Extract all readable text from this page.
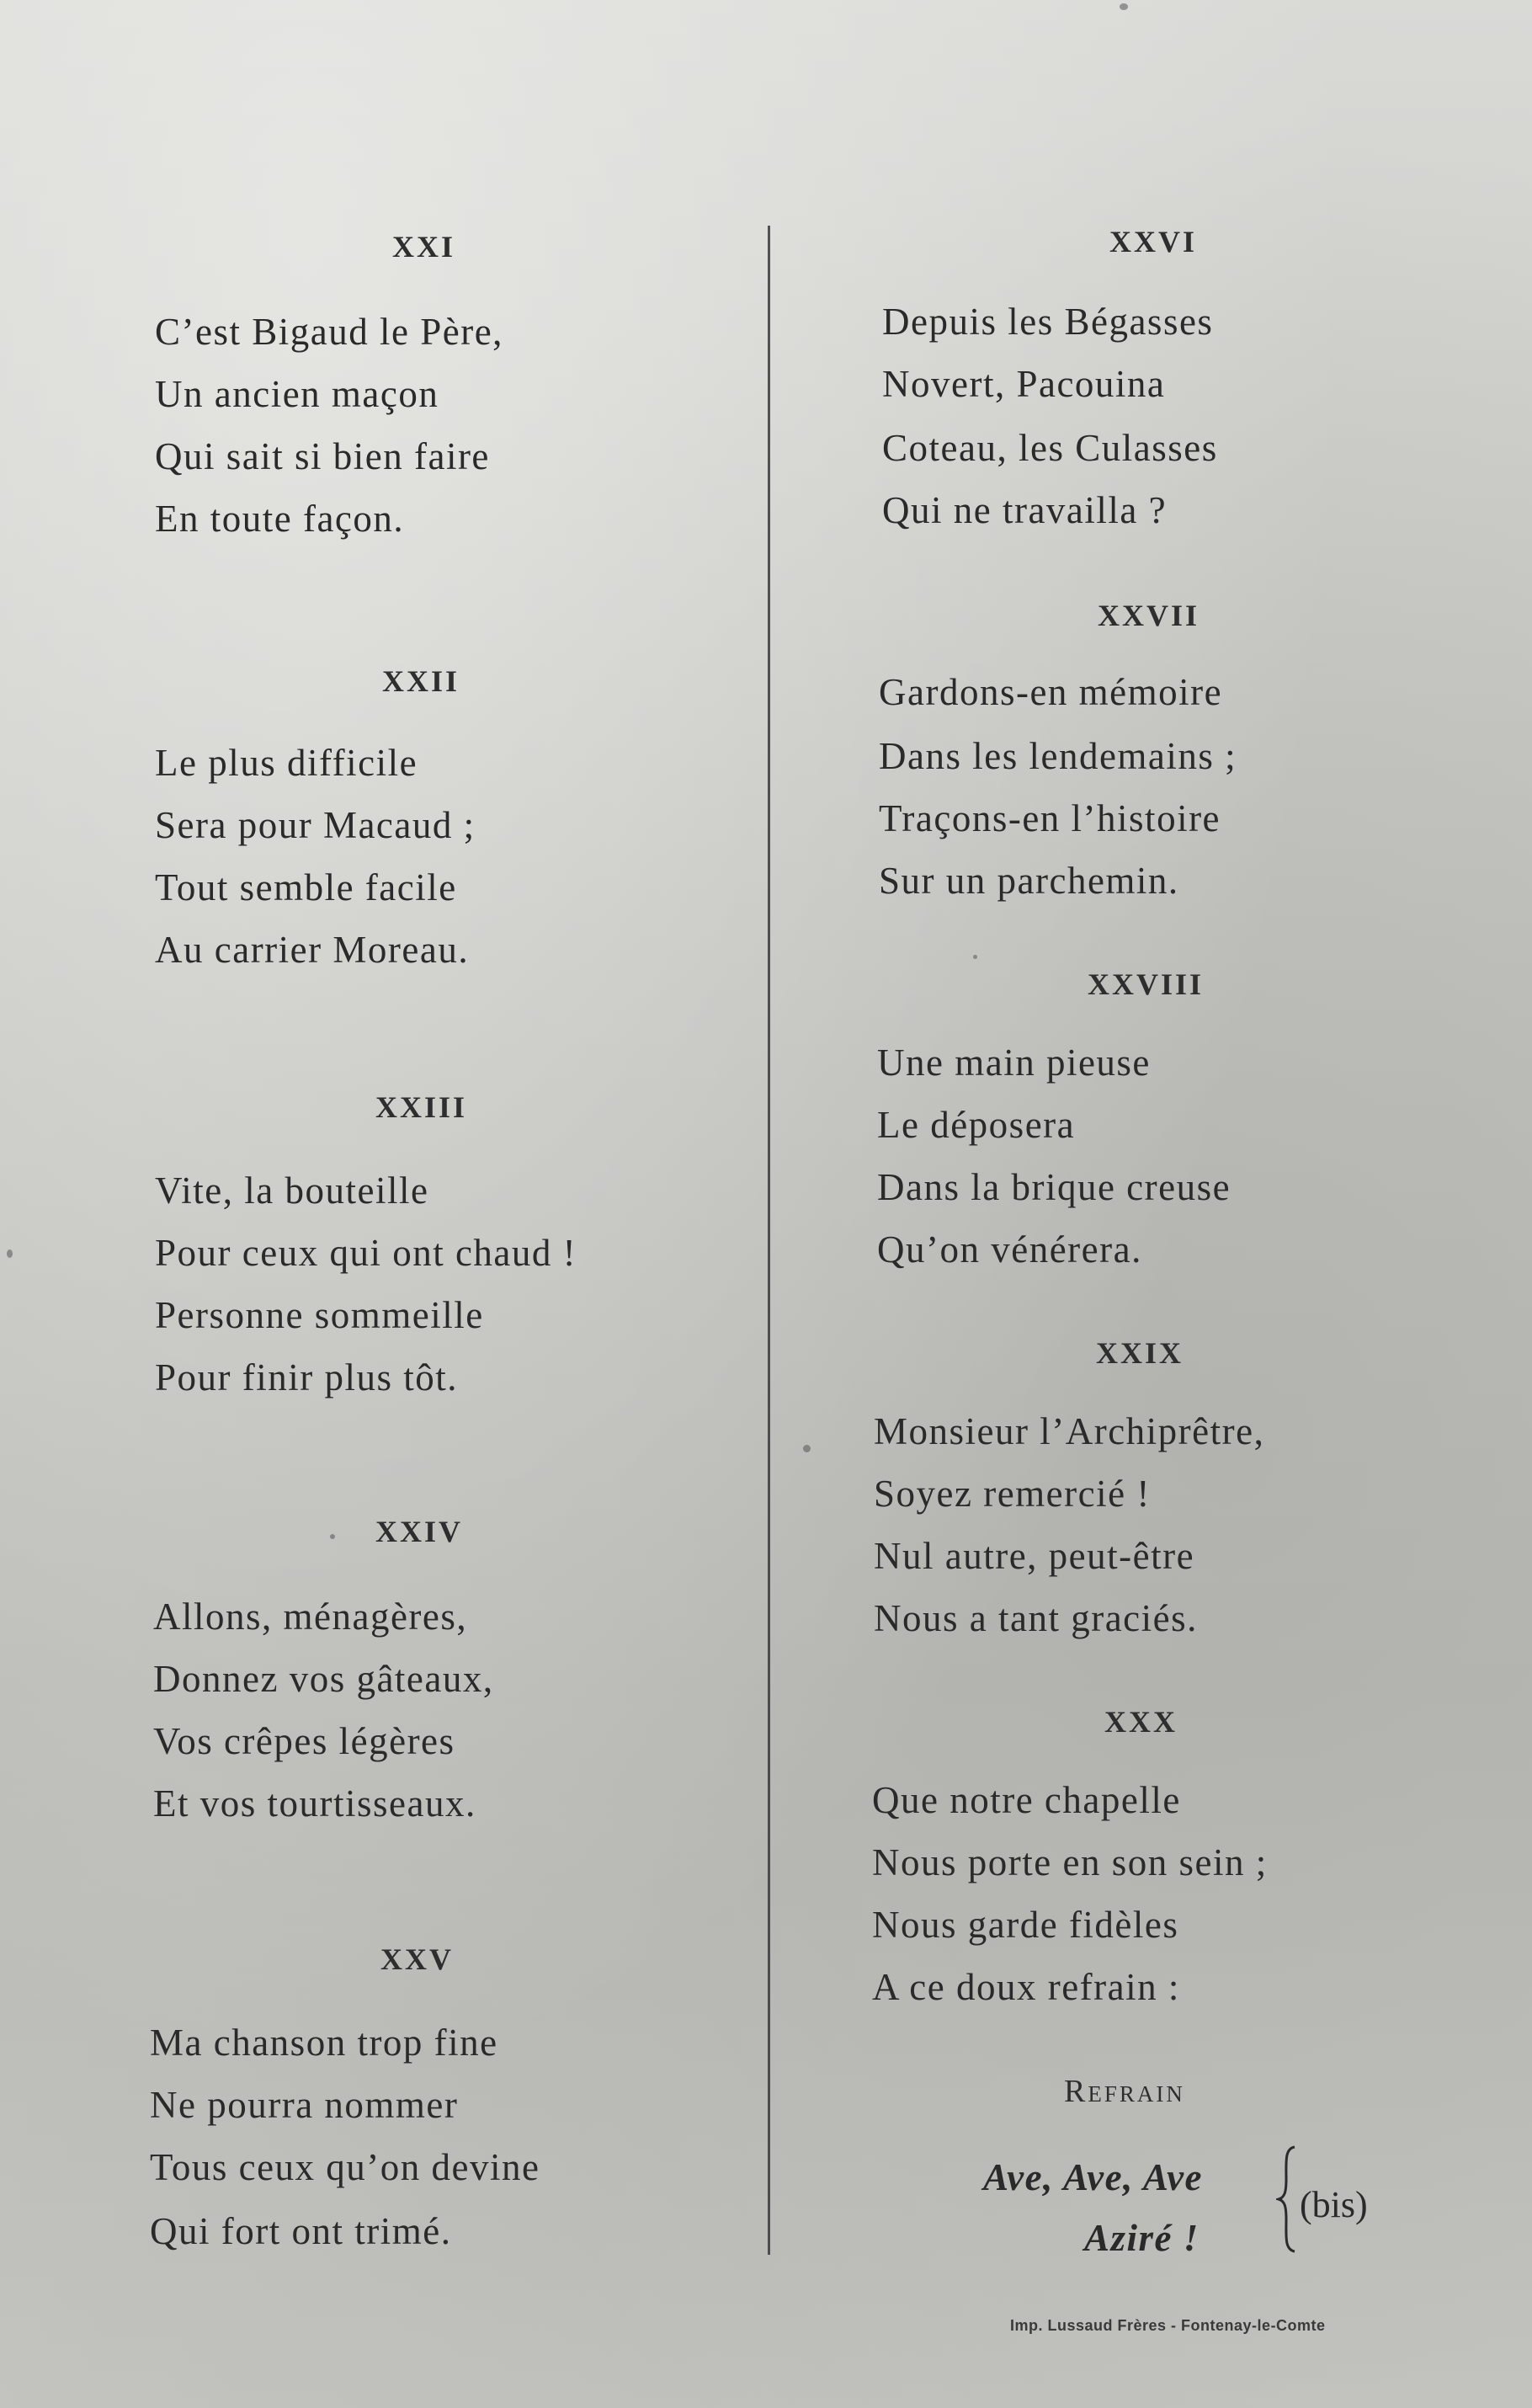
XXI
C’est Bigaud le Père,
Un ancien maçon
Qui sait si bien faire
En toute façon.
XXII
Le plus difficile
Sera pour Macaud ;
Tout semble facile
Au carrier Moreau.
XXIII
Vite, la bouteille
Pour ceux qui ont chaud !
Personne sommeille
Pour finir plus tôt.
XXIV
Allons, ménagères,
Donnez vos gâteaux,
Vos crêpes légères
Et vos tourtisseaux.
XXV
Ma chanson trop fine
Ne pourra nommer
Tous ceux qu’on devine
Qui fort ont trimé.
XXVI
Depuis les Bégasses
Novert, Pacouina
Coteau, les Culasses
Qui ne travailla ?
XXVII
Gardons-en mémoire
Dans les lendemains ;
Traçons-en l’histoire
Sur un parchemin.
XXVIII
Une main pieuse
Le déposera
Dans la brique creuse
Qu’on vénérera.
XXIX
Monsieur l’Archiprêtre,
Soyez remercié !
Nul autre, peut-être
Nous a tant graciés.
XXX
Que notre chapelle
Nous porte en son sein ;
Nous garde fidèles
A ce doux refrain :
Refrain
Ave, Ave, Ave
Aziré !
(bis)
Imp. Lussaud Frères - Fontenay-le-Comte
